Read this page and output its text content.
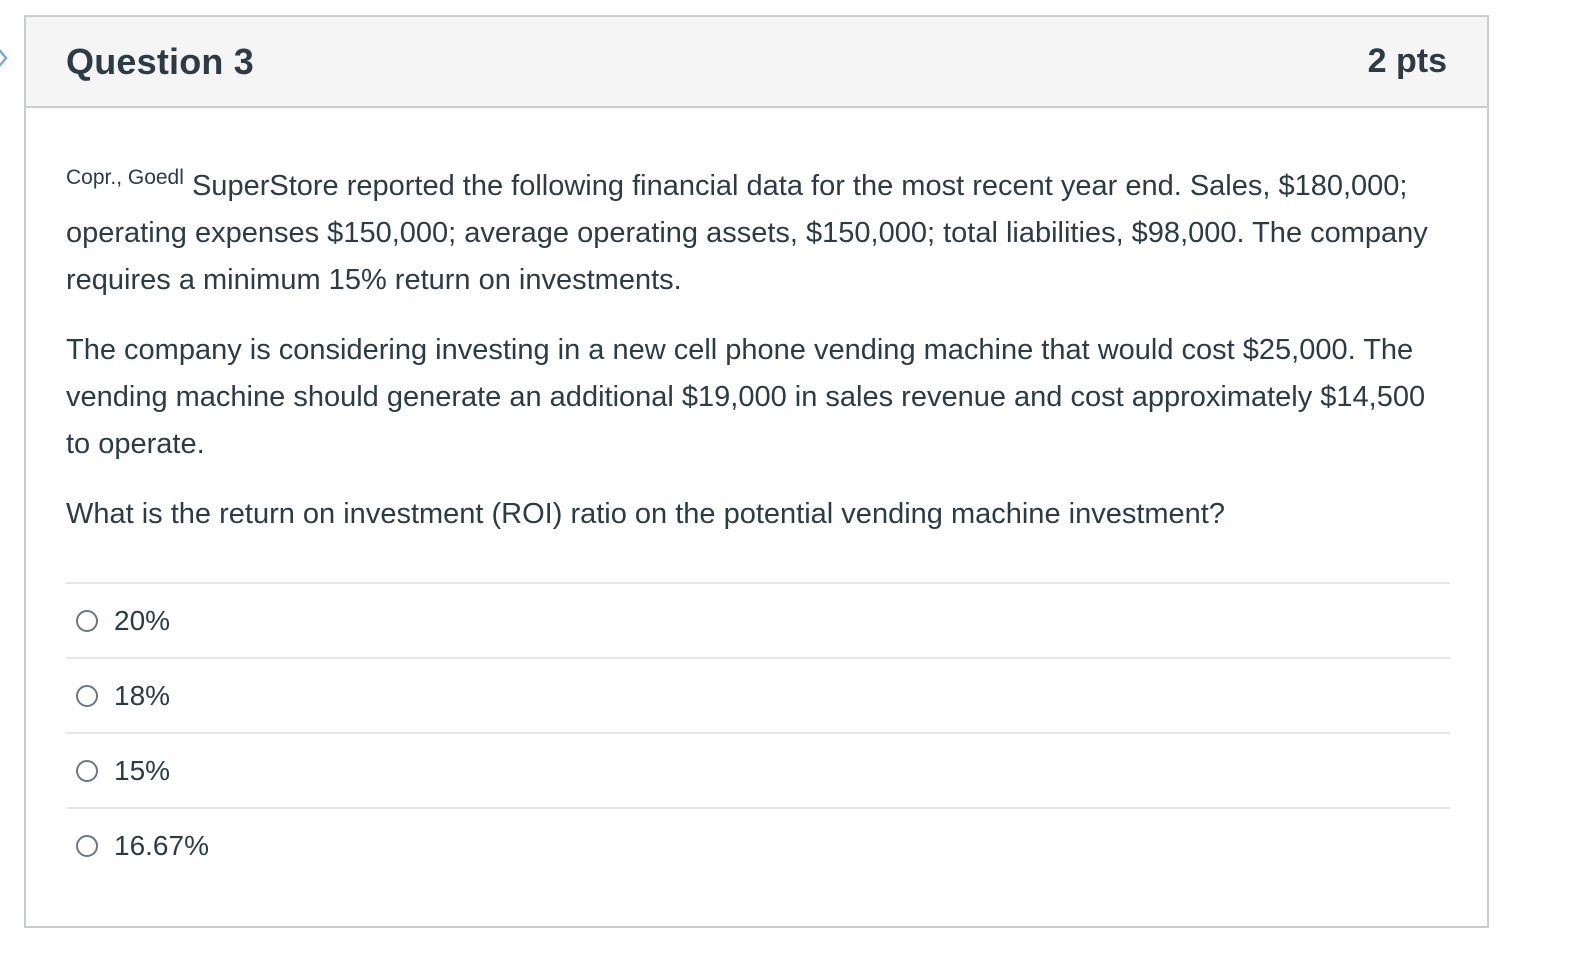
Question 3	2 pts

$^{Copr., Goedl}$ SuperStore reported the following financial data for the most recent year end. Sales, $180,000; operating expenses $150,000; average operating assets, $150,000; total liabilities, $98,000. The company requires a minimum 15% return on investments.

The company is considering investing in a new cell phone vending machine that would cost $25,000. The vending machine should generate an additional $19,000 in sales revenue and cost approximately $14,500 to operate.

What is the return on investment (ROI) ratio on the potential vending machine investment?

20%
18%
15%
16.67%
